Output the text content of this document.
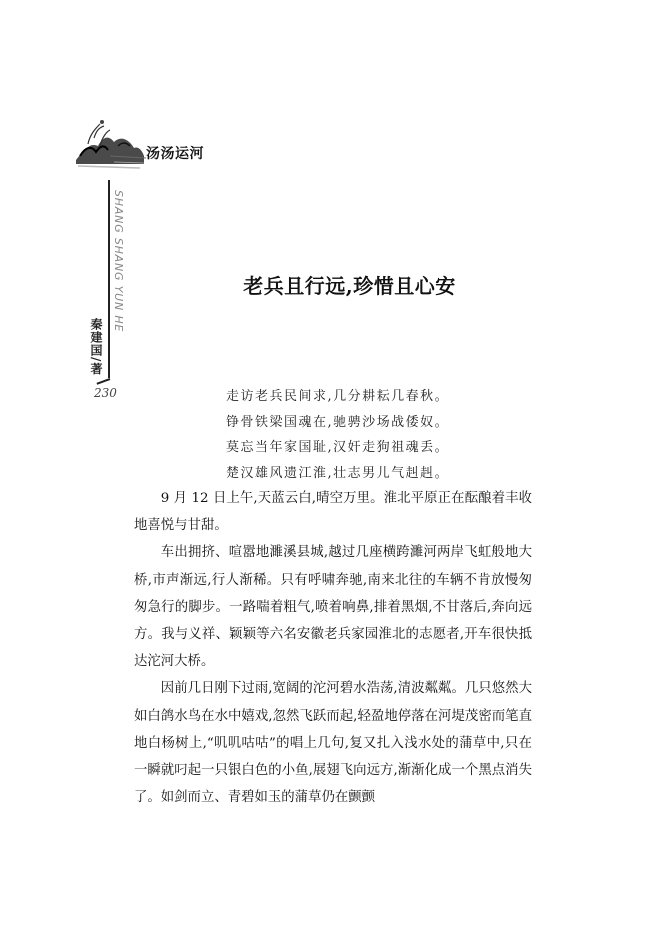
汤汤运河
SHANG SHANG YUN HE
秦建国/著
230
老兵且行远,珍惜且心安
走访老兵民间求,几分耕耘几春秋。
铮骨铁梁国魂在,驰骋沙场战倭奴。
莫忘当年家国耻,汉奸走狗祖魂丢。
楚汉雄风遗江淮,壮志男儿气赳赳。

9 月 12 日上午,天蓝云白,晴空万里。淮北平原正在酝酿着丰收地喜悦与甘甜。

车出拥挤、喧嚣地濉溪县城,越过几座横跨濉河两岸飞虹般地大桥,市声渐远,行人渐稀。只有呼啸奔驰,南来北往的车辆不肯放慢匆匆急行的脚步。一路喘着粗气,喷着响鼻,排着黑烟,不甘落后,奔向远方。我与义祥、颖颖等六名安徽老兵家园淮北的志愿者,开车很快抵达沱河大桥。

因前几日刚下过雨,宽阔的沱河碧水浩荡,清波粼粼。几只悠然大如白鸽水鸟在水中嬉戏,忽然飞跃而起,轻盈地停落在河堤茂密而笔直地白杨树上,“叽叽咕咕”的唱上几句,复又扎入浅水处的蒲草中,只在一瞬就叼起一只银白色的小鱼,展翅飞向远方,渐渐化成一个黑点消失了。如剑而立、青碧如玉的蒲草仍在颤颤
